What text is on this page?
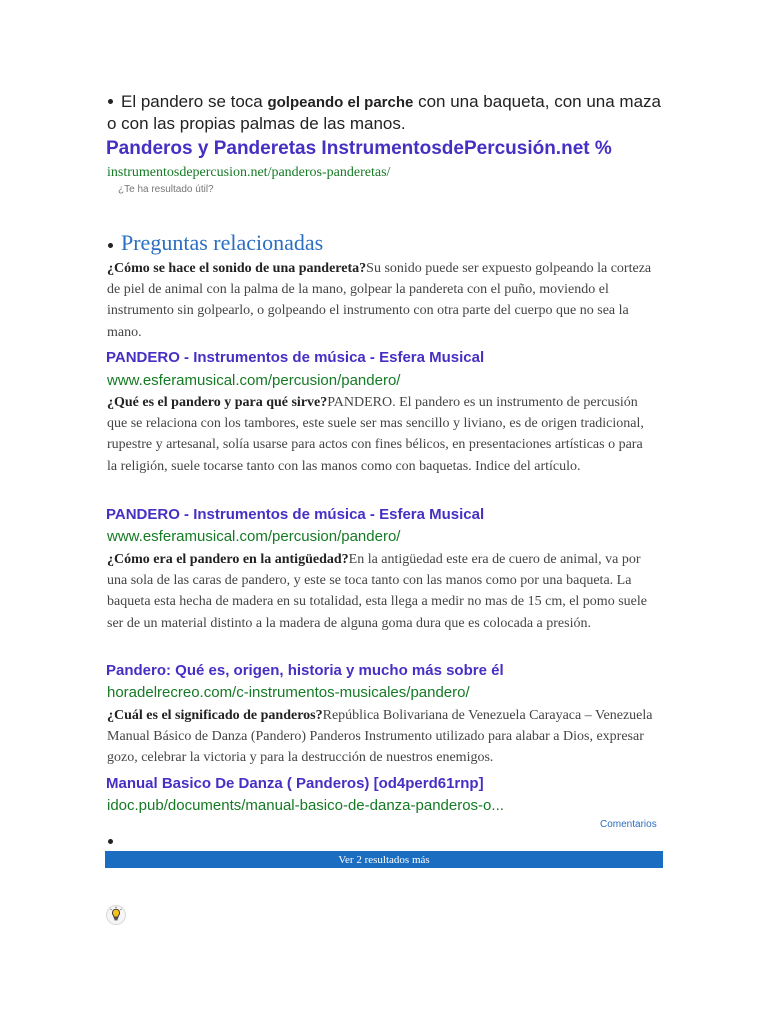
El pandero se toca golpeando el parche con una baqueta, con una maza o con las propias palmas de las manos.
Panderos y Panderetas InstrumentosdePercusión.net %
instrumentosdepercusion.net/panderos-panderetas/
¿Te ha resultado útil?
Preguntas relacionadas
¿Cómo se hace el sonido de una pandereta?Su sonido puede ser expuesto golpeando la corteza de piel de animal con la palma de la mano, golpear la pandereta con el puño, moviendo el instrumento sin golpearlo, o golpeando el instrumento con otra parte del cuerpo que no sea la mano.
PANDERO - Instrumentos de música - Esfera Musical
www.esferamusical.com/percusion/pandero/
¿Qué es el pandero y para qué sirve?PANDERO. El pandero es un instrumento de percusión que se relaciona con los tambores, este suele ser mas sencillo y liviano, es de origen tradicional, rupestre y artesanal, solía usarse para actos con fines bélicos, en presentaciones artísticas o para la religión, suele tocarse tanto con las manos como con baquetas. Indice del artículo.
PANDERO - Instrumentos de música - Esfera Musical
www.esferamusical.com/percusion/pandero/
¿Cómo era el pandero en la antigüedad?En la antigüedad este era de cuero de animal, va por una sola de las caras de pandero, y este se toca tanto con las manos como por una baqueta. La baqueta esta hecha de madera en su totalidad, esta llega a medir no mas de 15 cm, el pomo suele ser de un material distinto a la madera de alguna goma dura que es colocada a presión.
Pandero: Qué es, origen, historia y mucho más sobre él
horadelrecreo.com/c-instrumentos-musicales/pandero/
¿Cuál es el significado de panderos?República Bolivariana de Venezuela Carayaca – Venezuela Manual Básico de Danza (Pandero) Panderos Instrumento utilizado para alabar a Dios, expresar gozo, celebrar la victoria y para la destrucción de nuestros enemigos.
Manual Basico De Danza ( Panderos) [od4perd61rnp]
idoc.pub/documents/manual-basico-de-danza-panderos-o...
Comentarios
Ver 2 resultados más
